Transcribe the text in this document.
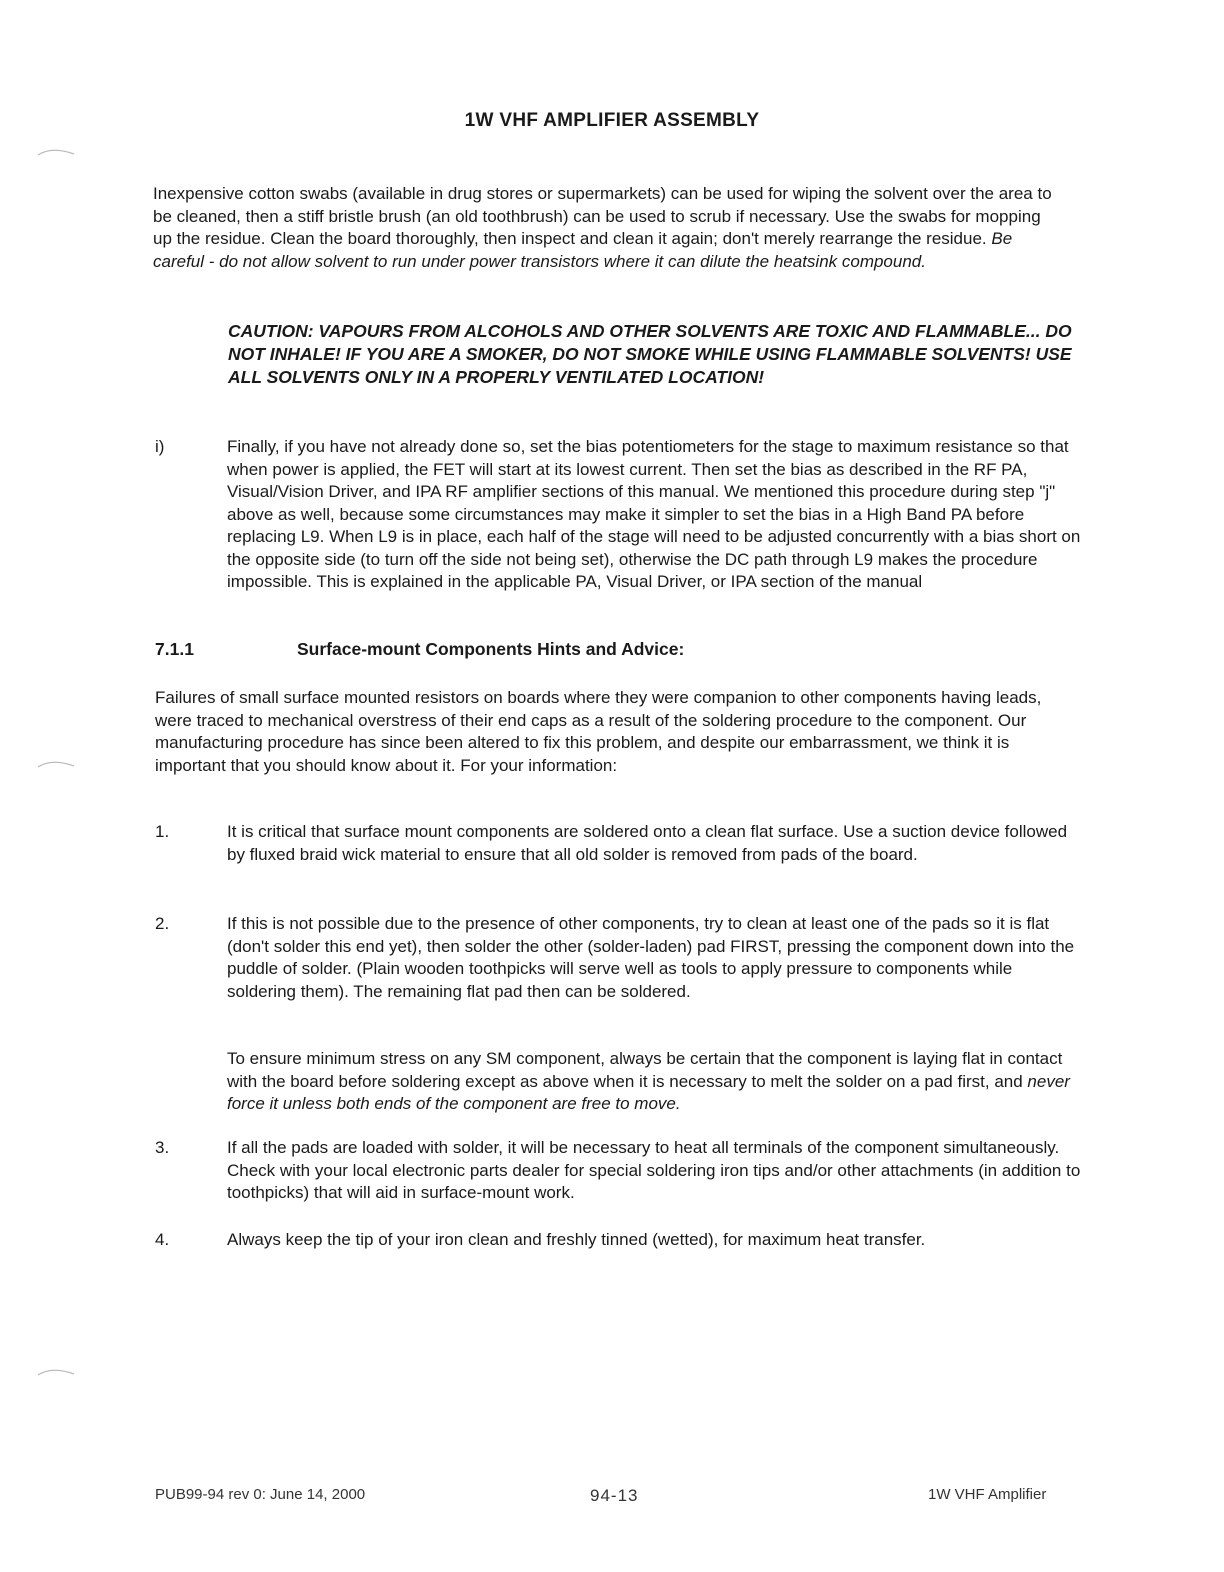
1W VHF AMPLIFIER ASSEMBLY

Inexpensive cotton swabs (available in drug stores or supermarkets) can be used for wiping the solvent over the area to be cleaned, then a stiff bristle brush (an old toothbrush) can be used to scrub if necessary. Use the swabs for mopping up the residue. Clean the board thoroughly, then inspect and clean it again; don't merely rearrange the residue. Be careful - do not allow solvent to run under power transistors where it can dilute the heatsink compound.

CAUTION: VAPOURS FROM ALCOHOLS AND OTHER SOLVENTS ARE TOXIC AND FLAMMABLE... DO NOT INHALE! IF YOU ARE A SMOKER, DO NOT SMOKE WHILE USING FLAMMABLE SOLVENTS! USE ALL SOLVENTS ONLY IN A PROPERLY VENTILATED LOCATION!

i)	Finally, if you have not already done so, set the bias potentiometers for the stage to maximum resistance so that when power is applied, the FET will start at its lowest current. Then set the bias as described in the RF PA, Visual/Vision Driver, and IPA RF amplifier sections of this manual. We mentioned this procedure during step "j" above as well, because some circumstances may make it simpler to set the bias in a High Band PA before replacing L9. When L9 is in place, each half of the stage will need to be adjusted concurrently with a bias short on the opposite side (to turn off the side not being set), otherwise the DC path through L9 makes the procedure impossible. This is explained in the applicable PA, Visual Driver, or IPA section of the manual
7.1.1	Surface-mount Components Hints and Advice:

Failures of small surface mounted resistors on boards where they were companion to other components having leads, were traced to mechanical overstress of their end caps as a result of the soldering procedure to the component. Our manufacturing procedure has since been altered to fix this problem, and despite our embarrassment, we think it is important that you should know about it. For your information:

1.	It is critical that surface mount components are soldered onto a clean flat surface. Use a suction device followed by fluxed braid wick material to ensure that all old solder is removed from pads of the board.
2.	If this is not possible due to the presence of other components, try to clean at least one of the pads so it is flat (don't solder this end yet), then solder the other (solder-laden) pad FIRST, pressing the component down into the puddle of solder. (Plain wooden toothpicks will serve well as tools to apply pressure to components while soldering them). The remaining flat pad then can be soldered.

To ensure minimum stress on any SM component, always be certain that the component is laying flat in contact with the board before soldering except as above when it is necessary to melt the solder on a pad first, and never force it unless both ends of the component are free to move.

3.	If all the pads are loaded with solder, it will be necessary to heat all terminals of the component simultaneously. Check with your local electronic parts dealer for special soldering iron tips and/or other attachments (in addition to toothpicks) that will aid in surface-mount work.
4.	Always keep the tip of your iron clean and freshly tinned (wetted), for maximum heat transfer.
PUB99-94 rev 0: June 14, 2000	94-13	1W VHF Amplifier
